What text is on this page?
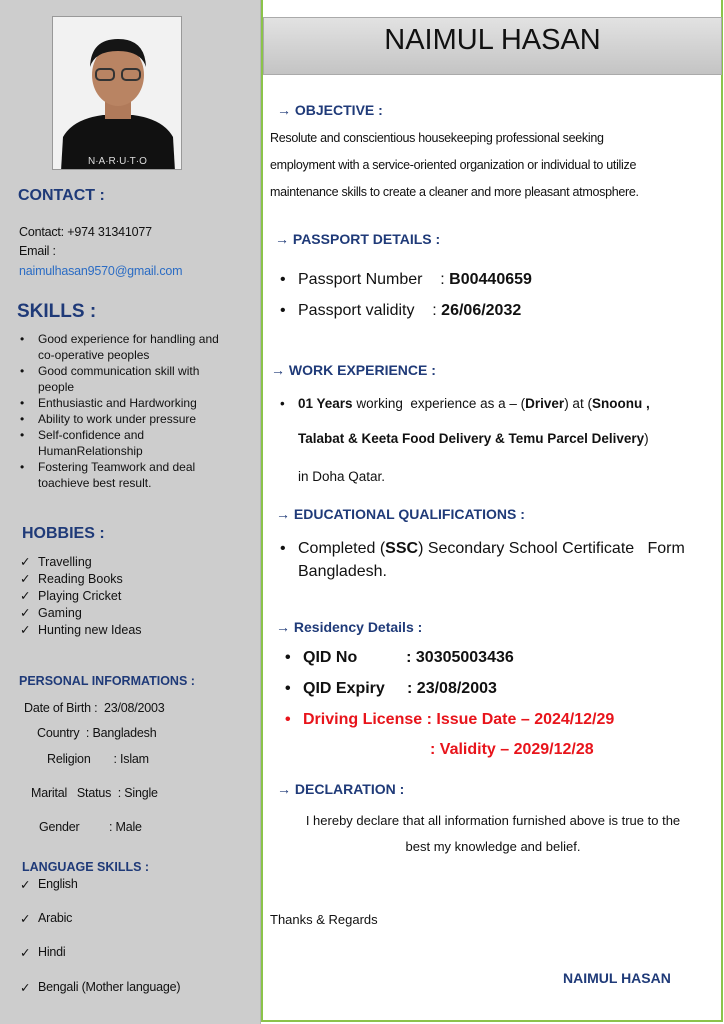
NAIMUL HASAN
N·A·R·U·T·O
CONTACT :
Contact: +974 31341077
Email :
naimulhasan9570@gmail.com
SKILLS :
• Good experience for handling and
co-operative peoples
• Good communication skill with
people
• Enthusiastic and Hardworking
• Ability to work under pressure
• Self-confidence and
HumanRelationship
• Fostering Teamwork and deal
toachieve best result.
HOBBIES :
✓ Travelling
✓ Reading Books
✓ Playing Cricket
✓ Gaming
✓ Hunting new Ideas
PERSONAL INFORMATIONS :
Date of Birth :  23/08/2003
Country  : Bangladesh
Religion       : Islam
Marital   Status  : Single
Gender         : Male
LANGUAGE SKILLS :
✓ English
✓ Arabic
✓ Hindi
✓ Bengali (Mother language)
→ OBJECTIVE :
Resolute and conscientious housekeeping professional seeking
employment with a service-oriented organization or individual to utilize
maintenance skills to create a cleaner and more pleasant atmosphere.
→ PASSPORT DETAILS :
• Passport Number    : B00440659
• Passport validity    : 26/06/2032
→ WORK EXPERIENCE :
• 01 Years working  experience as a – (Driver) at (Snoonu ,
Talabat & Keeta Food Delivery & Temu Parcel Delivery)
in Doha Qatar.
→ EDUCATIONAL QUALIFICATIONS :
• Completed (SSC) Secondary School Certificate   Form
Bangladesh.
→ Residency Details :
• QID No           : 30305003436
• QID Expiry     : 23/08/2003
• Driving License : Issue Date – 2024/12/29
: Validity – 2029/12/28
→ DECLARATION :
I hereby declare that all information furnished above is true to the
best my knowledge and belief.
Thanks & Regards
NAIMUL HASAN
